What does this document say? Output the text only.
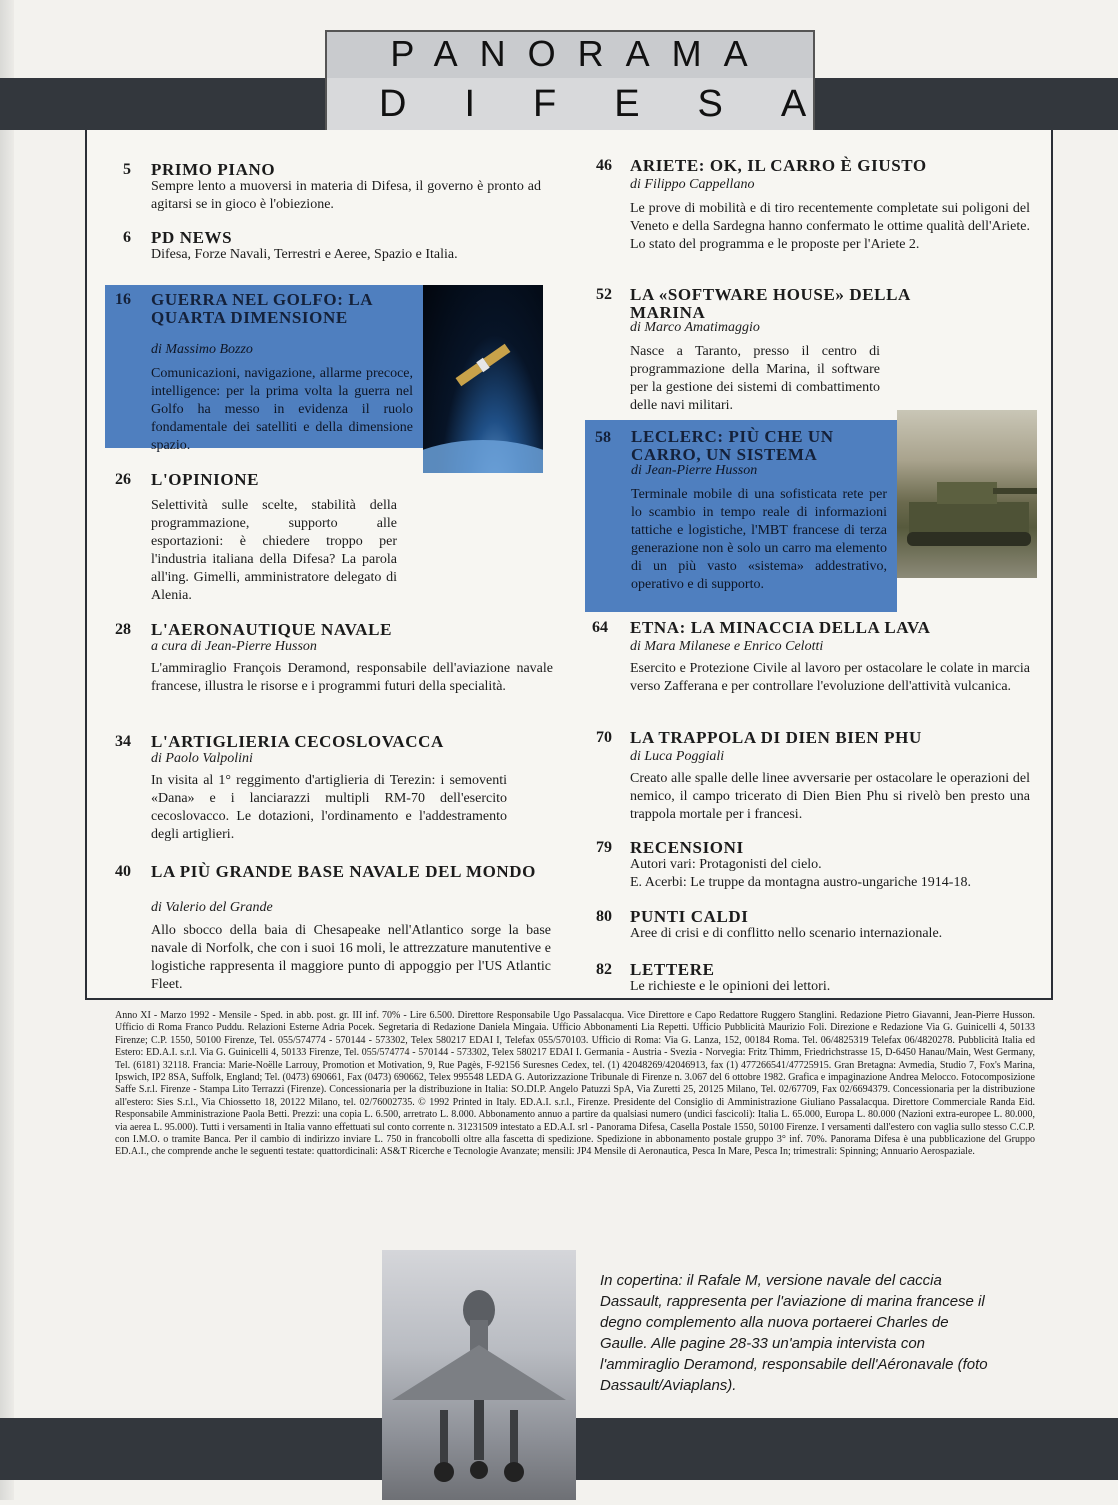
PANORAMA
DIFESA
5 PRIMO PIANO
Sempre lento a muoversi in materia di Difesa, il governo è pronto ad agitarsi se in gioco è l'obiezione.
6 PD NEWS
Difesa, Forze Navali, Terrestri e Aeree, Spazio e Italia.
16 GUERRA NEL GOLFO: LA QUARTA DIMENSIONE
di Massimo Bozzo
Comunicazioni, navigazione, allarme precoce, intelligence: per la prima volta la guerra nel Golfo ha messo in evidenza il ruolo fondamentale dei satelliti e della dimensione spazio.
26 L'OPINIONE
Selettività sulle scelte, stabilità della programmazione, supporto alle esportazioni: è chiedere troppo per l'industria italiana della Difesa? La parola all'ing. Gimelli, amministratore delegato di Alenia.
28 L'AERONAUTIQUE NAVALE
a cura di Jean-Pierre Husson
L'ammiraglio François Deramond, responsabile dell'aviazione navale francese, illustra le risorse e i programmi futuri della specialità.
34 L'ARTIGLIERIA CECOSLOVACCA
di Paolo Valpolini
In visita al 1° reggimento d'artiglieria di Terezin: i semoventi «Dana» e i lanciarazzi multipli RM-70 dell'esercito cecoslovacco. Le dotazioni, l'ordinamento e l'addestramento degli artiglieri.
40 LA PIÙ GRANDE BASE NAVALE DEL MONDO
di Valerio del Grande
Allo sbocco della baia di Chesapeake nell'Atlantico sorge la base navale di Norfolk, che con i suoi 16 moli, le attrezzature manutentive e logistiche rappresenta il maggiore punto di appoggio per l'US Atlantic Fleet.
46 ARIETE: OK, IL CARRO È GIUSTO
di Filippo Cappellano
Le prove di mobilità e di tiro recentemente completate sui poligoni del Veneto e della Sardegna hanno confermato le ottime qualità dell'Ariete. Lo stato del programma e le proposte per l'Ariete 2.
52 LA «SOFTWARE HOUSE» DELLA MARINA
di Marco Amatimaggio
Nasce a Taranto, presso il centro di programmazione della Marina, il software per la gestione dei sistemi di combattimento delle navi militari.
58 LECLERC: PIÙ CHE UN CARRO, UN SISTEMA
di Jean-Pierre Husson
Terminale mobile di una sofisticata rete per lo scambio in tempo reale di informazioni tattiche e logistiche, l'MBT francese di terza generazione non è solo un carro ma elemento di un più vasto «sistema» addestrativo, operativo e di supporto.
64 ETNA: LA MINACCIA DELLA LAVA
di Mara Milanese e Enrico Celotti
Esercito e Protezione Civile al lavoro per ostacolare le colate in marcia verso Zafferana e per controllare l'evoluzione dell'attività vulcanica.
70 LA TRAPPOLA DI DIEN BIEN PHU
di Luca Poggiali
Creato alle spalle delle linee avversarie per ostacolare le operazioni del nemico, il campo tricerato di Dien Bien Phu si rivelò ben presto una trappola mortale per i francesi.
79 RECENSIONI
Autori vari: Protagonisti del cielo.
E. Acerbi: Le truppe da montagna austro-ungariche 1914-18.
80 PUNTI CALDI
Aree di crisi e di conflitto nello scenario internazionale.
82 LETTERE
Le richieste e le opinioni dei lettori.
Anno XI - Marzo 1992 - Mensile - Sped. in abb. post. gr. III inf. 70% - Lire 6.500. Direttore Responsabile Ugo Passalacqua. Vice Direttore e Capo Redattore Ruggero Stanglini. Redazione Pietro Giavanni, Jean-Pierre Husson. Ufficio di Roma Franco Puddu. Relazioni Esterne Adria Pocek. Segretaria di Redazione Daniela Mingaia. Ufficio Abbonamenti Lia Repetti. Ufficio Pubblicità Maurizio Foli. Direzione e Redazione Via G. Guinicelli 4, 50133 Firenze; C.P. 1550, 50100 Firenze, Tel. 055/574774 - 570144 - 573302, Telex 580217 EDAI I, Telefax 055/570103. Ufficio di Roma: Via G. Lanza, 152, 00184 Roma. Tel. 06/4825319 Telefax 06/4820278. Pubblicità Italia ed Estero: ED.A.I. s.r.l. Via G. Guinicelli 4, 50133 Firenze, Tel. 055/574774 - 570144 - 573302, Telex 580217 EDAI I. Germania - Austria - Svezia - Norvegia: Fritz Thimm, Friedrichstrasse 15, D-6450 Hanau/Main, West Germany, Tel. (6181) 32118. Francia: Marie-Noëlle Larrouy, Promotion et Motivation, 9, Rue Pagès, F-92156 Suresnes Cedex, tel. (1) 42048269/42046913, fax (1) 477266541/47725915. Gran Bretagna: Avmedia, Studio 7, Fox's Marina, Ipswich, IP2 8SA, Suffolk, England; Tel. (0473) 690661, Fax (0473) 690662, Telex 995548 LEDA G. Autorizzazione Tribunale di Firenze n. 3.067 del 6 ottobre 1982. Grafica e impaginazione Andrea Melocco. Fotocomposizione Saffe S.r.l. Firenze - Stampa Lito Terrazzi (Firenze). Concessionaria per la distribuzione in Italia: SO.DI.P. Angelo Patuzzi SpA, Via Zuretti 25, 20125 Milano, Tel. 02/67709, Fax 02/6694379. Concessionaria per la distribuzione all'estero: Sies S.r.l., Via Chiossetto 18, 20122 Milano, tel. 02/76002735. © 1992 Printed in Italy. ED.A.I. s.r.l., Firenze. Presidente del Consiglio di Amministrazione Giuliano Passalacqua. Direttore Commerciale Randa Eid. Responsabile Amministrazione Paola Betti. Prezzi: una copia L. 6.500, arretrato L. 8.000. Abbonamento annuo a partire da qualsiasi numero (undici fascicoli): Italia L. 65.000, Europa L. 80.000 (Nazioni extra-europee L. 80.000, via aerea L. 95.000). Tutti i versamenti in Italia vanno effettuati sul conto corrente n. 31231509 intestato a ED.A.I. srl - Panorama Difesa, Casella Postale 1550, 50100 Firenze. I versamenti dall'estero con vaglia sullo stesso C.C.P. con I.M.O. o tramite Banca. Per il cambio di indirizzo inviare L. 750 in francobolli oltre alla fascetta di spedizione. Spedizione in abbonamento postale gruppo 3° inf. 70%. Panorama Difesa è una pubblicazione del Gruppo ED.A.I., che comprende anche le seguenti testate: quattordicinali: AS&T Ricerche e Tecnologie Avanzate; mensili: JP4 Mensile di Aeronautica, Pesca In Mare, Pesca In; trimestrali: Spinning; Annuario Aerospaziale.
In copertina: il Rafale M, versione navale del caccia Dassault, rappresenta per l'aviazione di marina francese il degno complemento alla nuova portaerei Charles de Gaulle. Alle pagine 28-33 un'ampia intervista con l'ammiraglio Deramond, responsabile dell'Aéronavale (foto Dassault/Aviaplans).
